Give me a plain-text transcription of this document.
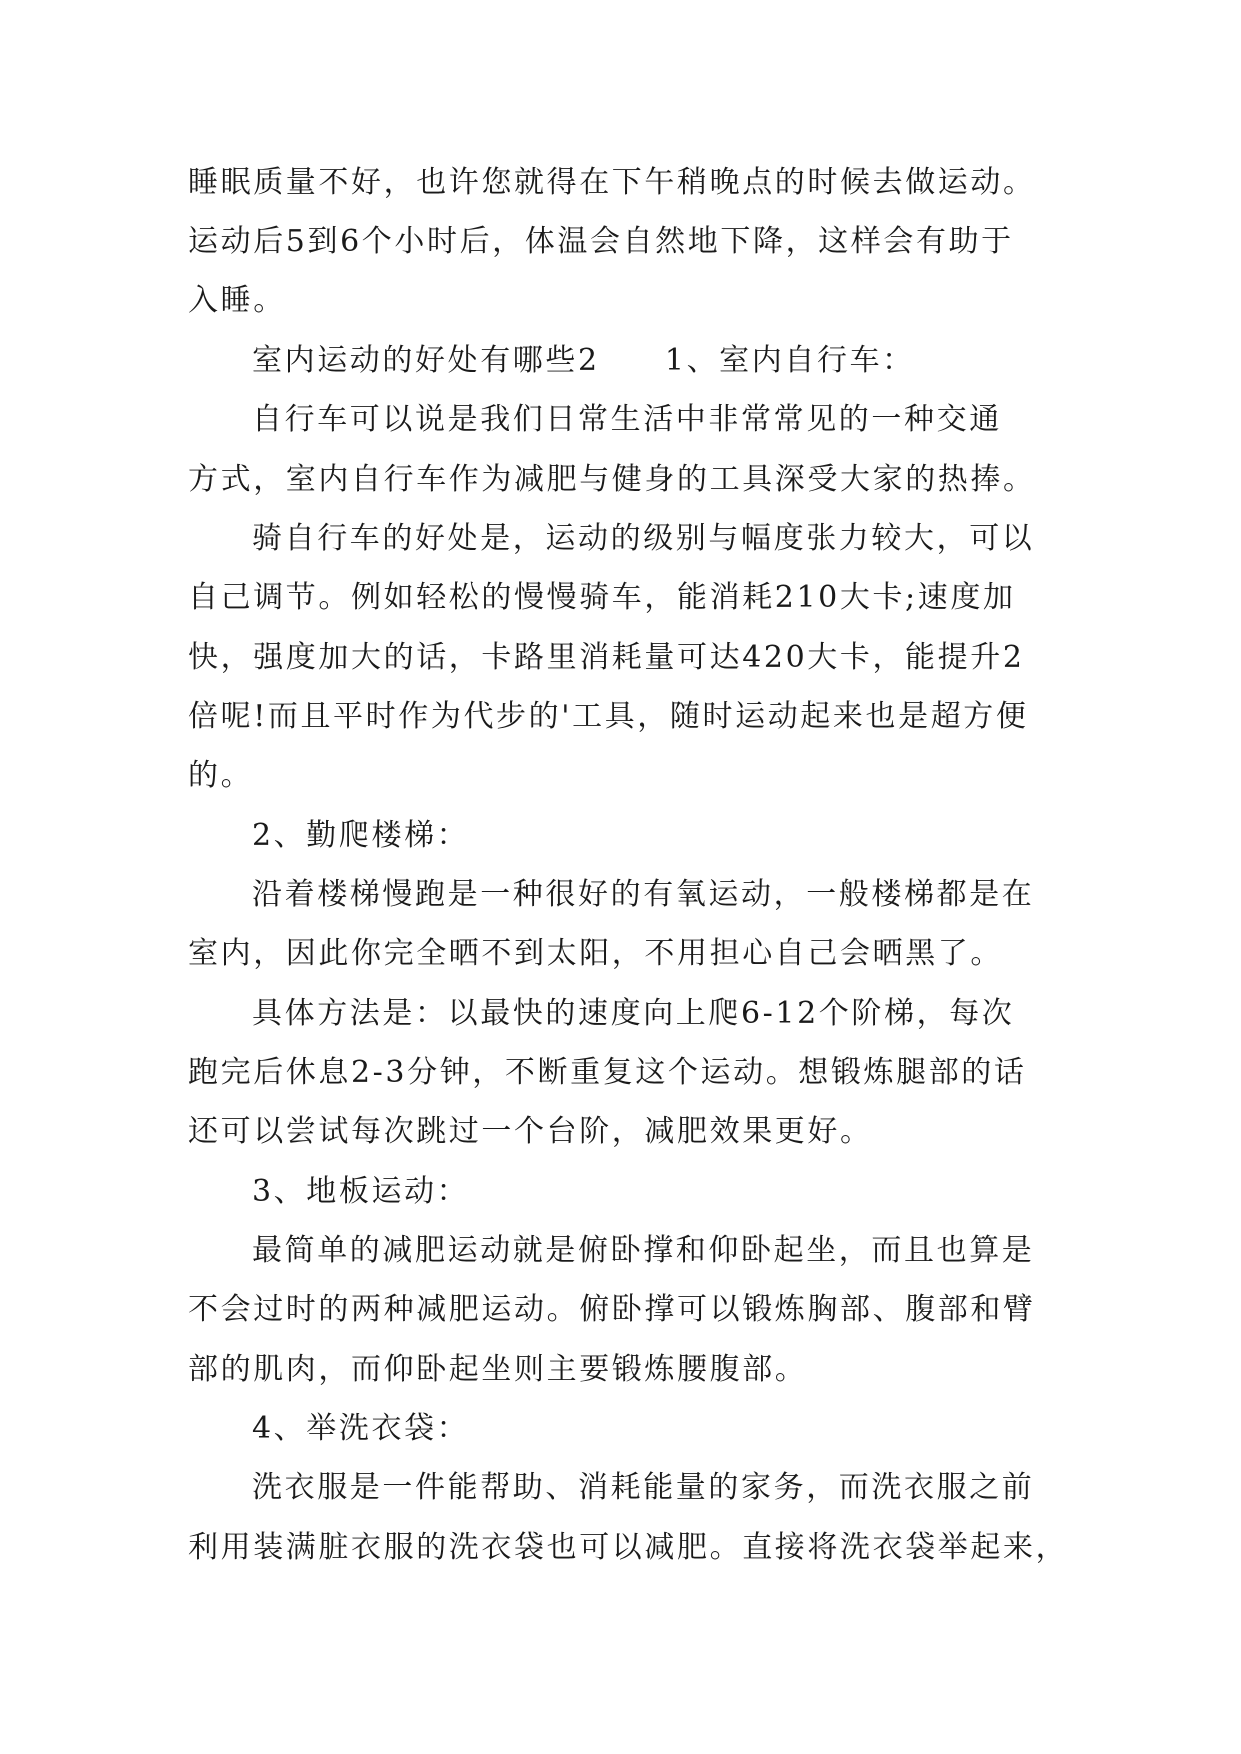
睡眠质量不好，也许您就得在下午稍晚点的时候去做运动。
运动后5到6个小时后，体温会自然地下降，这样会有助于
入睡。
室内运动的好处有哪些2　　1、室内自行车：
自行车可以说是我们日常生活中非常常见的一种交通
方式，室内自行车作为减肥与健身的工具深受大家的热捧。
骑自行车的好处是，运动的级别与幅度张力较大，可以
自己调节。例如轻松的慢慢骑车，能消耗210大卡;速度加
快，强度加大的话，卡路里消耗量可达420大卡，能提升2
倍呢!而且平时作为代步的'工具，随时运动起来也是超方便
的。
2、勤爬楼梯：
沿着楼梯慢跑是一种很好的有氧运动，一般楼梯都是在
室内，因此你完全晒不到太阳，不用担心自己会晒黑了。
具体方法是：以最快的速度向上爬6-12个阶梯，每次
跑完后休息2-3分钟，不断重复这个运动。想锻炼腿部的话
还可以尝试每次跳过一个台阶，减肥效果更好。
3、地板运动：
最简单的减肥运动就是俯卧撑和仰卧起坐，而且也算是
不会过时的两种减肥运动。俯卧撑可以锻炼胸部、腹部和臂
部的肌肉，而仰卧起坐则主要锻炼腰腹部。
4、举洗衣袋：
洗衣服是一件能帮助、消耗能量的家务，而洗衣服之前
利用装满脏衣服的洗衣袋也可以减肥。直接将洗衣袋举起来，
